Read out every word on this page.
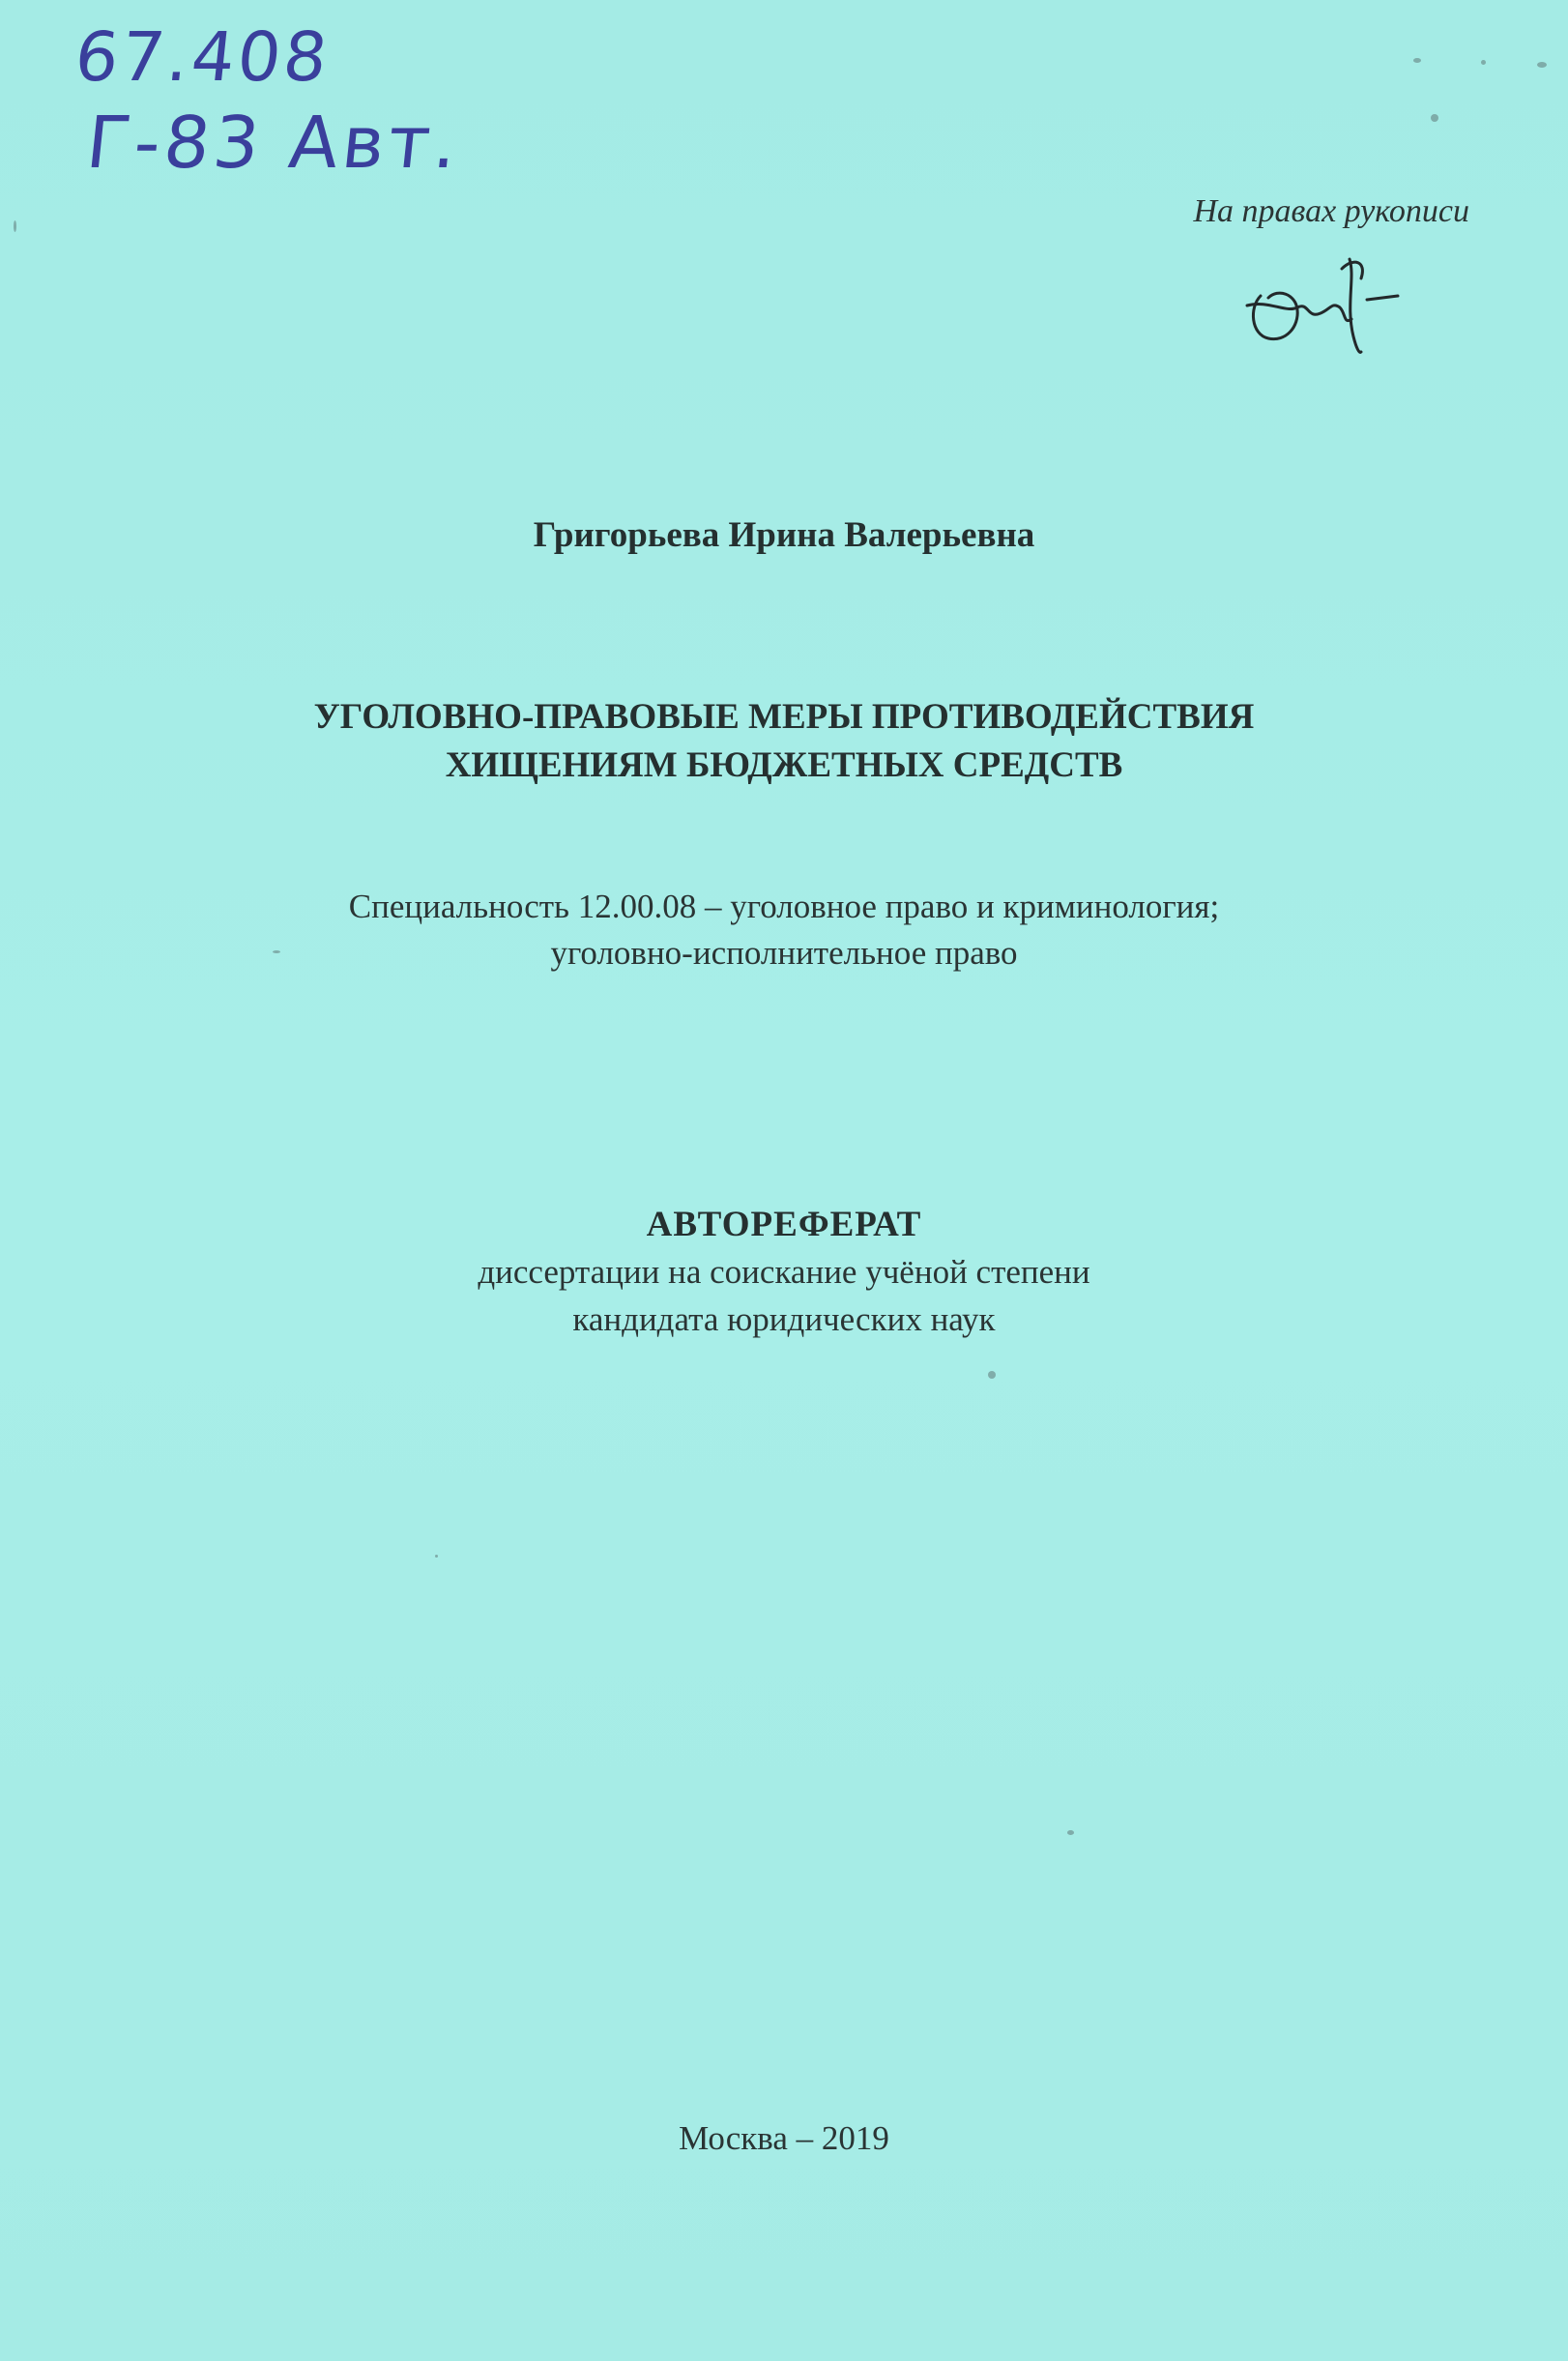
67.408
Г-83 Авт.
На правах рукописи
Григорьева Ирина Валерьевна
УГОЛОВНО-ПРАВОВЫЕ МЕРЫ ПРОТИВОДЕЙСТВИЯ
ХИЩЕНИЯМ БЮДЖЕТНЫХ СРЕДСТВ
Специальность 12.00.08 – уголовное право и криминология;
уголовно-исполнительное право
АВТОРЕФЕРАТ
диссертации на соискание учёной степени
кандидата юридических наук
Москва – 2019
